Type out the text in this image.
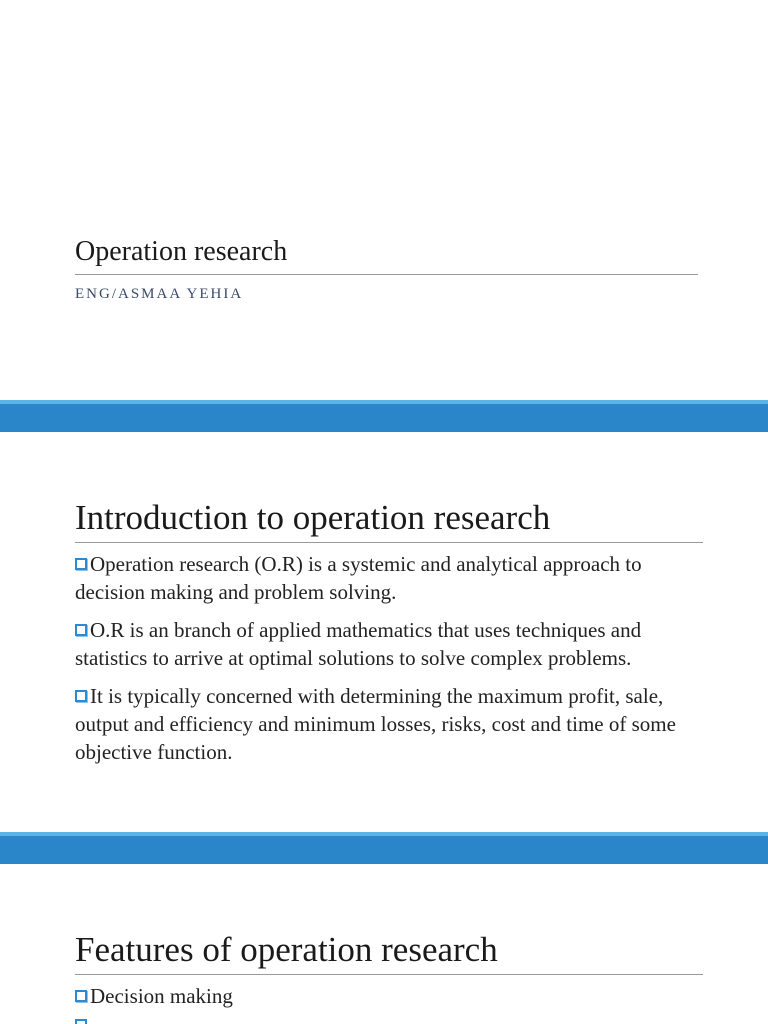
Operation research
ENG/ASMAA YEHIA
Introduction to operation research
Operation research (O.R) is a systemic and analytical approach to decision making and problem solving.
O.R is an branch of applied mathematics that uses techniques and statistics to arrive at optimal solutions to solve complex problems.
It is typically concerned with determining the maximum profit, sale, output and efficiency and minimum losses, risks, cost and time of some objective function.
Features of operation research
Decision making
